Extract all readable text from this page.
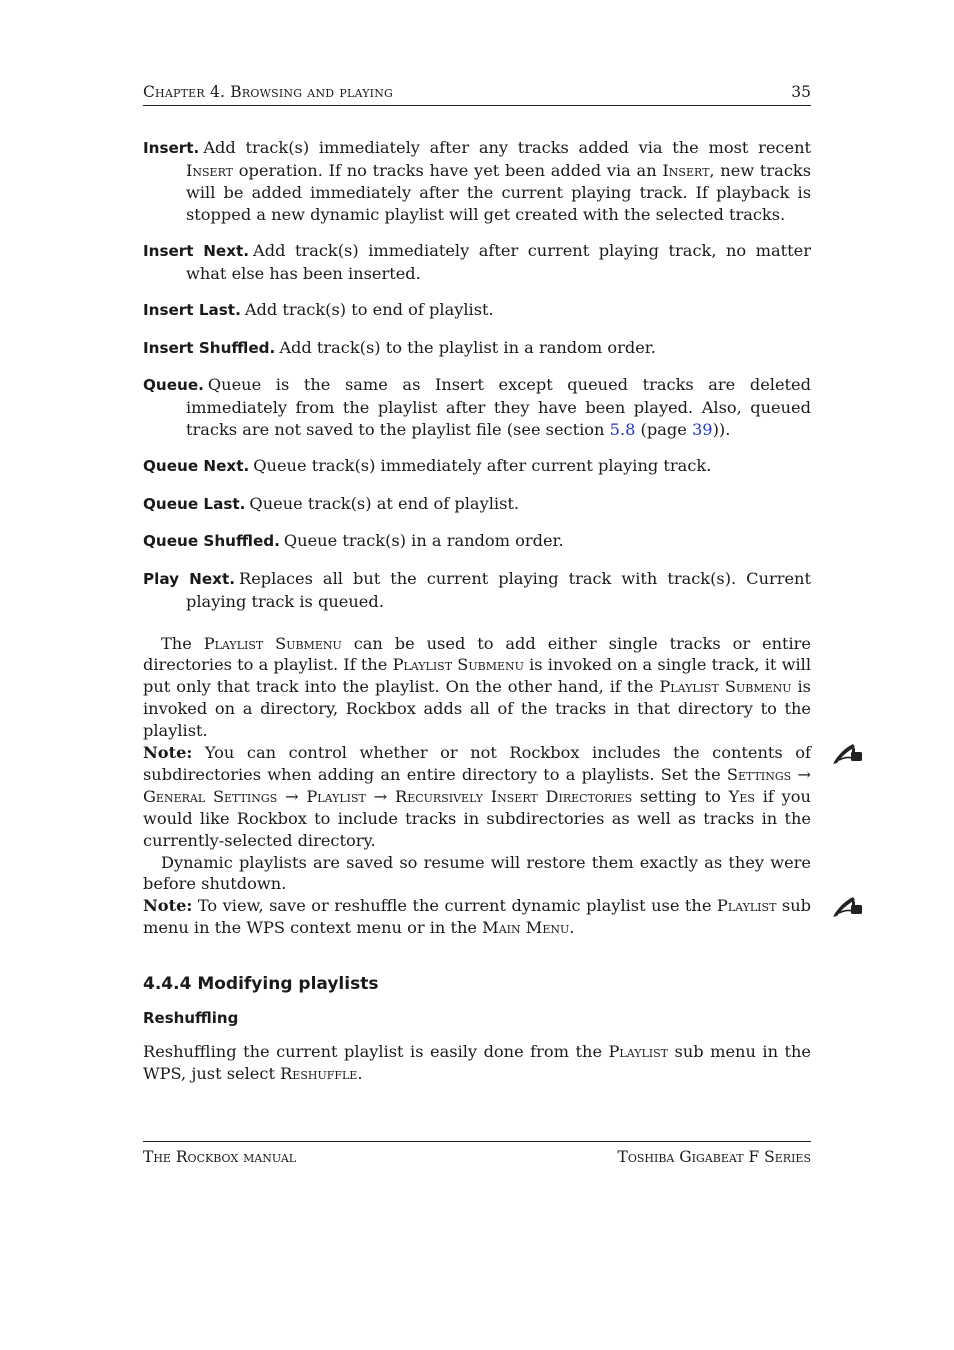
Chapter 4. Browsing and playing	35

Insert. Add track(s) immediately after any tracks added via the most recent Insert operation. If no tracks have yet been added via an Insert, new tracks will be added immediately after the current playing track. If playback is stopped a new dynamic playlist will get created with the selected tracks.

Insert Next. Add track(s) immediately after current playing track, no matter what else has been inserted.

Insert Last. Add track(s) to end of playlist.

Insert Shuffled. Add track(s) to the playlist in a random order.

Queue. Queue is the same as Insert except queued tracks are deleted immediately from the playlist after they have been played. Also, queued tracks are not saved to the playlist file (see section 5.8 (page 39)).

Queue Next. Queue track(s) immediately after current playing track.

Queue Last. Queue track(s) at end of playlist.

Queue Shuffled. Queue track(s) in a random order.

Play Next. Replaces all but the current playing track with track(s). Current playing track is queued.

The Playlist Submenu can be used to add either single tracks or entire directories to a playlist. If the Playlist Submenu is invoked on a single track, it will put only that track into the playlist. On the other hand, if the Playlist Submenu is invoked on a directory, Rockbox adds all of the tracks in that directory to the playlist.

Note: You can control whether or not Rockbox includes the contents of subdirectories when adding an entire directory to a playlists. Set the Settings → General Settings → Playlist → Recursively Insert Directories setting to Yes if you would like Rockbox to include tracks in subdirectories as well as tracks in the currently-selected directory.

Dynamic playlists are saved so resume will restore them exactly as they were before shutdown.

Note: To view, save or reshuffle the current dynamic playlist use the Playlist sub menu in the WPS context menu or in the Main Menu.

4.4.4 Modifying playlists
Reshuffling

Reshuffling the current playlist is easily done from the Playlist sub menu in the WPS, just select Reshuffle.

The Rockbox manual	Toshiba Gigabeat F Series
